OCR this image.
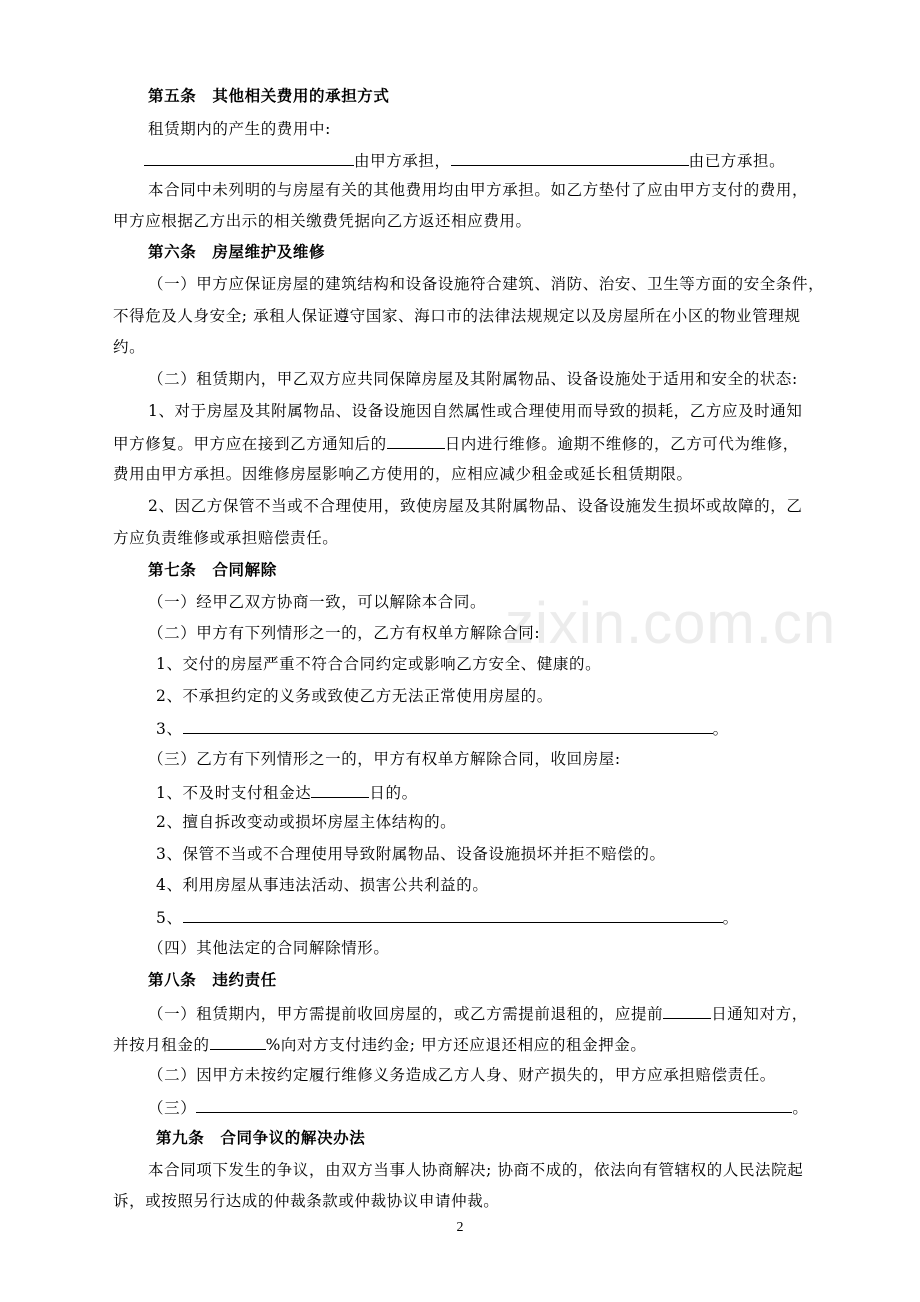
zixin.com.cn
第五条　其他相关费用的承担方式
租赁期内的产生的费用中:
由甲方承担，	由已方承担。
本合同中未列明的与房屋有关的其他费用均由甲方承担。如乙方垫付了应由甲方支付的费用，
甲方应根据乙方出示的相关缴费凭据向乙方返还相应费用。
第六条　房屋维护及维修
（一）甲方应保证房屋的建筑结构和设备设施符合建筑、消防、治安、卫生等方面的安全条件，
不得危及人身安全; 承租人保证遵守国家、海口市的法律法规规定以及房屋所在小区的物业管理规
约。
（二）租赁期内，甲乙双方应共同保障房屋及其附属物品、设备设施处于适用和安全的状态:
1、对于房屋及其附属物品、设备设施因自然属性或合理使用而导致的损耗，乙方应及时通知
甲方修复。甲方应在接到乙方通知后的	日内进行维修。逾期不维修的，乙方可代为维修，
费用由甲方承担。因维修房屋影响乙方使用的，应相应减少租金或延长租赁期限。
2、因乙方保管不当或不合理使用，致使房屋及其附属物品、设备设施发生损坏或故障的，乙
方应负责维修或承担赔偿责任。
第七条　合同解除
（一）经甲乙双方协商一致，可以解除本合同。
（二）甲方有下列情形之一的，乙方有权单方解除合同:
1、交付的房屋严重不符合合同约定或影响乙方安全、健康的。
2、不承担约定的义务或致使乙方无法正常使用房屋的。
3、	。
（三）乙方有下列情形之一的，甲方有权单方解除合同，收回房屋:
1、不及时支付租金达	日的。
2、擅自拆改变动或损坏房屋主体结构的。
3、保管不当或不合理使用导致附属物品、设备设施损坏并拒不赔偿的。
4、利用房屋从事违法活动、损害公共利益的。
5、	。
（四）其他法定的合同解除情形。
第八条　违约责任
（一）租赁期内，甲方需提前收回房屋的，或乙方需提前退租的，应提前	日通知对方，
并按月租金的	%向对方支付违约金; 甲方还应退还相应的租金押金。
（二）因甲方未按约定履行维修义务造成乙方人身、财产损失的，甲方应承担赔偿责任。
（三）	。
第九条　合同争议的解决办法
本合同项下发生的争议，由双方当事人协商解决; 协商不成的，依法向有管辖权的人民法院起
诉，或按照另行达成的仲裁条款或仲裁协议申请仲裁。
2
